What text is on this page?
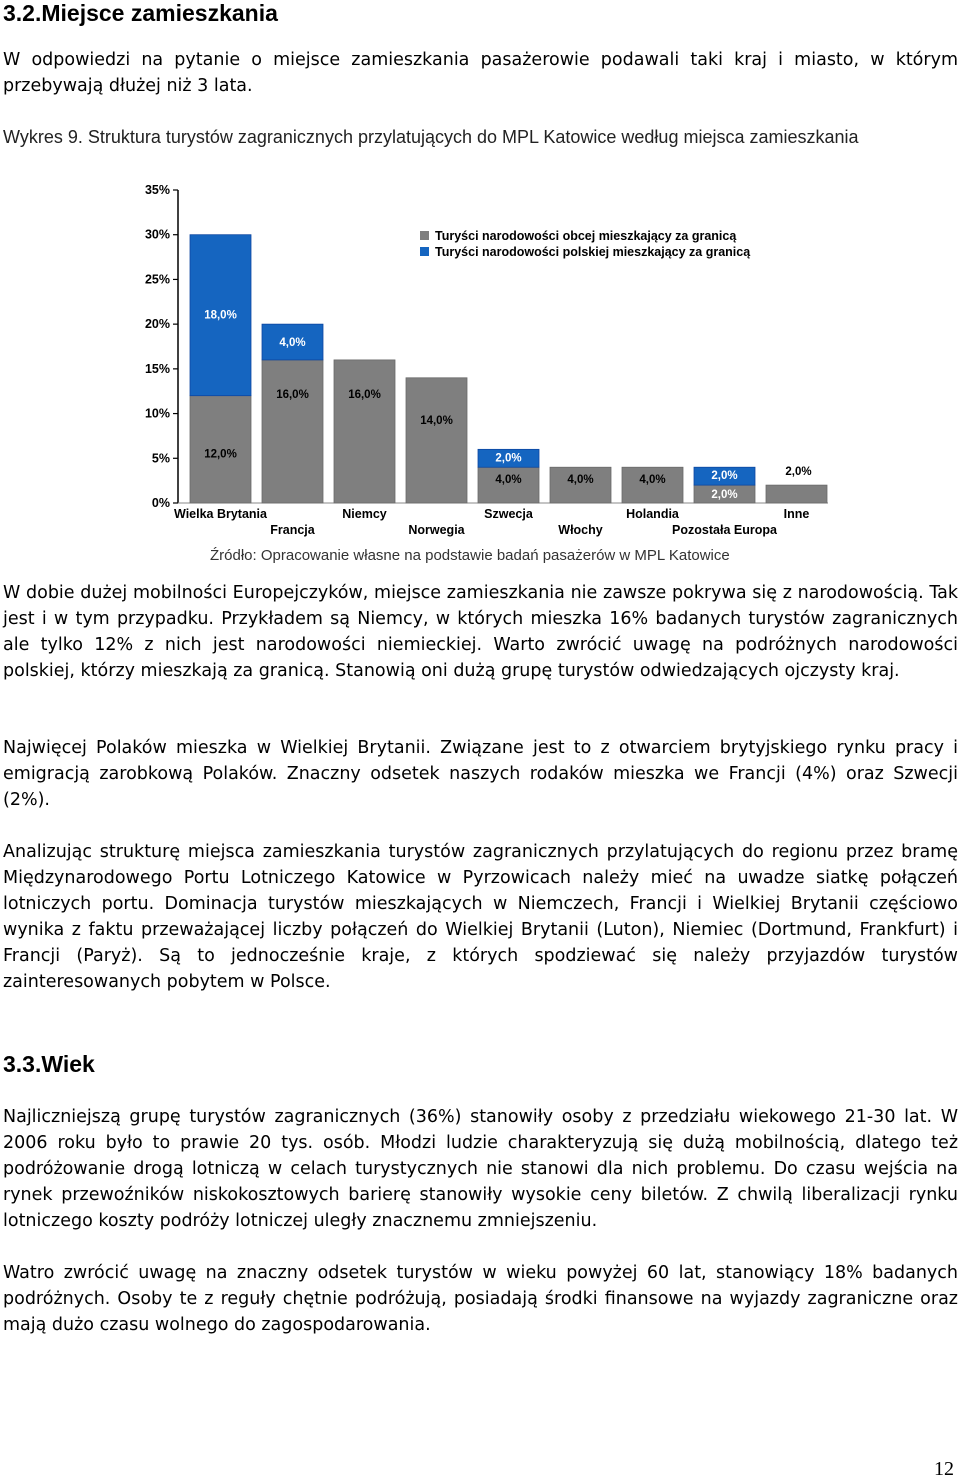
3.2.Miejsce zamieszkania

W odpowiedzi na pytanie o miejsce zamieszkania pasażerowie podawali taki kraj i miasto, w którym przebywają dłużej niż 3 lata.

Wykres 9. Struktura turystów zagranicznych przylatujących do MPL Katowice według miejsca zamieszkania

0%
5%
10%
15%
20%
25%
30%
35%
12,0%
18,0%
Wielka Brytania
16,0%
4,0%
Francja
16,0%
Niemcy
14,0%
Norwegia
4,0%
2,0%
Szwecja
4,0%
Włochy
4,0%
Holandia
2,0%
2,0%
Pozostała Europa
2,0%
Inne
Turyści narodowości obcej mieszkający za granicą
Turyści narodowości polskiej mieszkający za granicą

Źródło: Opracowanie własne na podstawie badań pasażerów w MPL Katowice

W dobie dużej mobilności Europejczyków, miejsce zamieszkania nie zawsze pokrywa się z narodowością. Tak jest i w tym przypadku. Przykładem są Niemcy, w których mieszka 16% badanych turystów zagranicznych ale tylko 12% z nich jest narodowości niemieckiej. Warto zwrócić uwagę na podróżnych narodowości polskiej, którzy mieszkają za granicą. Stanowią oni dużą grupę turystów odwiedzających ojczysty kraj.

Najwięcej Polaków mieszka w Wielkiej Brytanii. Związane jest to z otwarciem brytyjskiego rynku pracy i emigracją zarobkową Polaków. Znaczny odsetek naszych rodaków mieszka we Francji (4%) oraz Szwecji (2%).

Analizując strukturę miejsca zamieszkania turystów zagranicznych przylatujących do regionu przez bramę Międzynarodowego Portu Lotniczego Katowice w Pyrzowicach należy mieć na uwadze siatkę połączeń lotniczych portu. Dominacja turystów mieszkających w Niemczech, Francji i Wielkiej Brytanii częściowo wynika z faktu przeważającej liczby połączeń do Wielkiej Brytanii (Luton), Niemiec (Dortmund, Frankfurt) i Francji (Paryż). Są to jednocześnie kraje, z których spodziewać się należy przyjazdów turystów zainteresowanych pobytem w Polsce.

3.3.Wiek

Najliczniejszą grupę turystów zagranicznych (36%) stanowiły osoby z przedziału wiekowego 21-30 lat. W 2006 roku było to prawie 20 tys. osób. Młodzi ludzie charakteryzują się dużą mobilnością, dlatego też podróżowanie drogą lotniczą w celach turystycznych nie stanowi dla nich problemu. Do czasu wejścia na rynek przewoźników niskokosztowych barierę stanowiły wysokie ceny biletów. Z chwilą liberalizacji rynku lotniczego koszty podróży lotniczej uległy znacznemu zmniejszeniu.

Watro zwrócić uwagę na znaczny odsetek turystów w wieku powyżej 60 lat, stanowiący 18% badanych podróżnych. Osoby te z reguły chętnie podróżują, posiadają środki finansowe na wyjazdy zagraniczne oraz mają dużo czasu wolnego do zagospodarowania.

12
